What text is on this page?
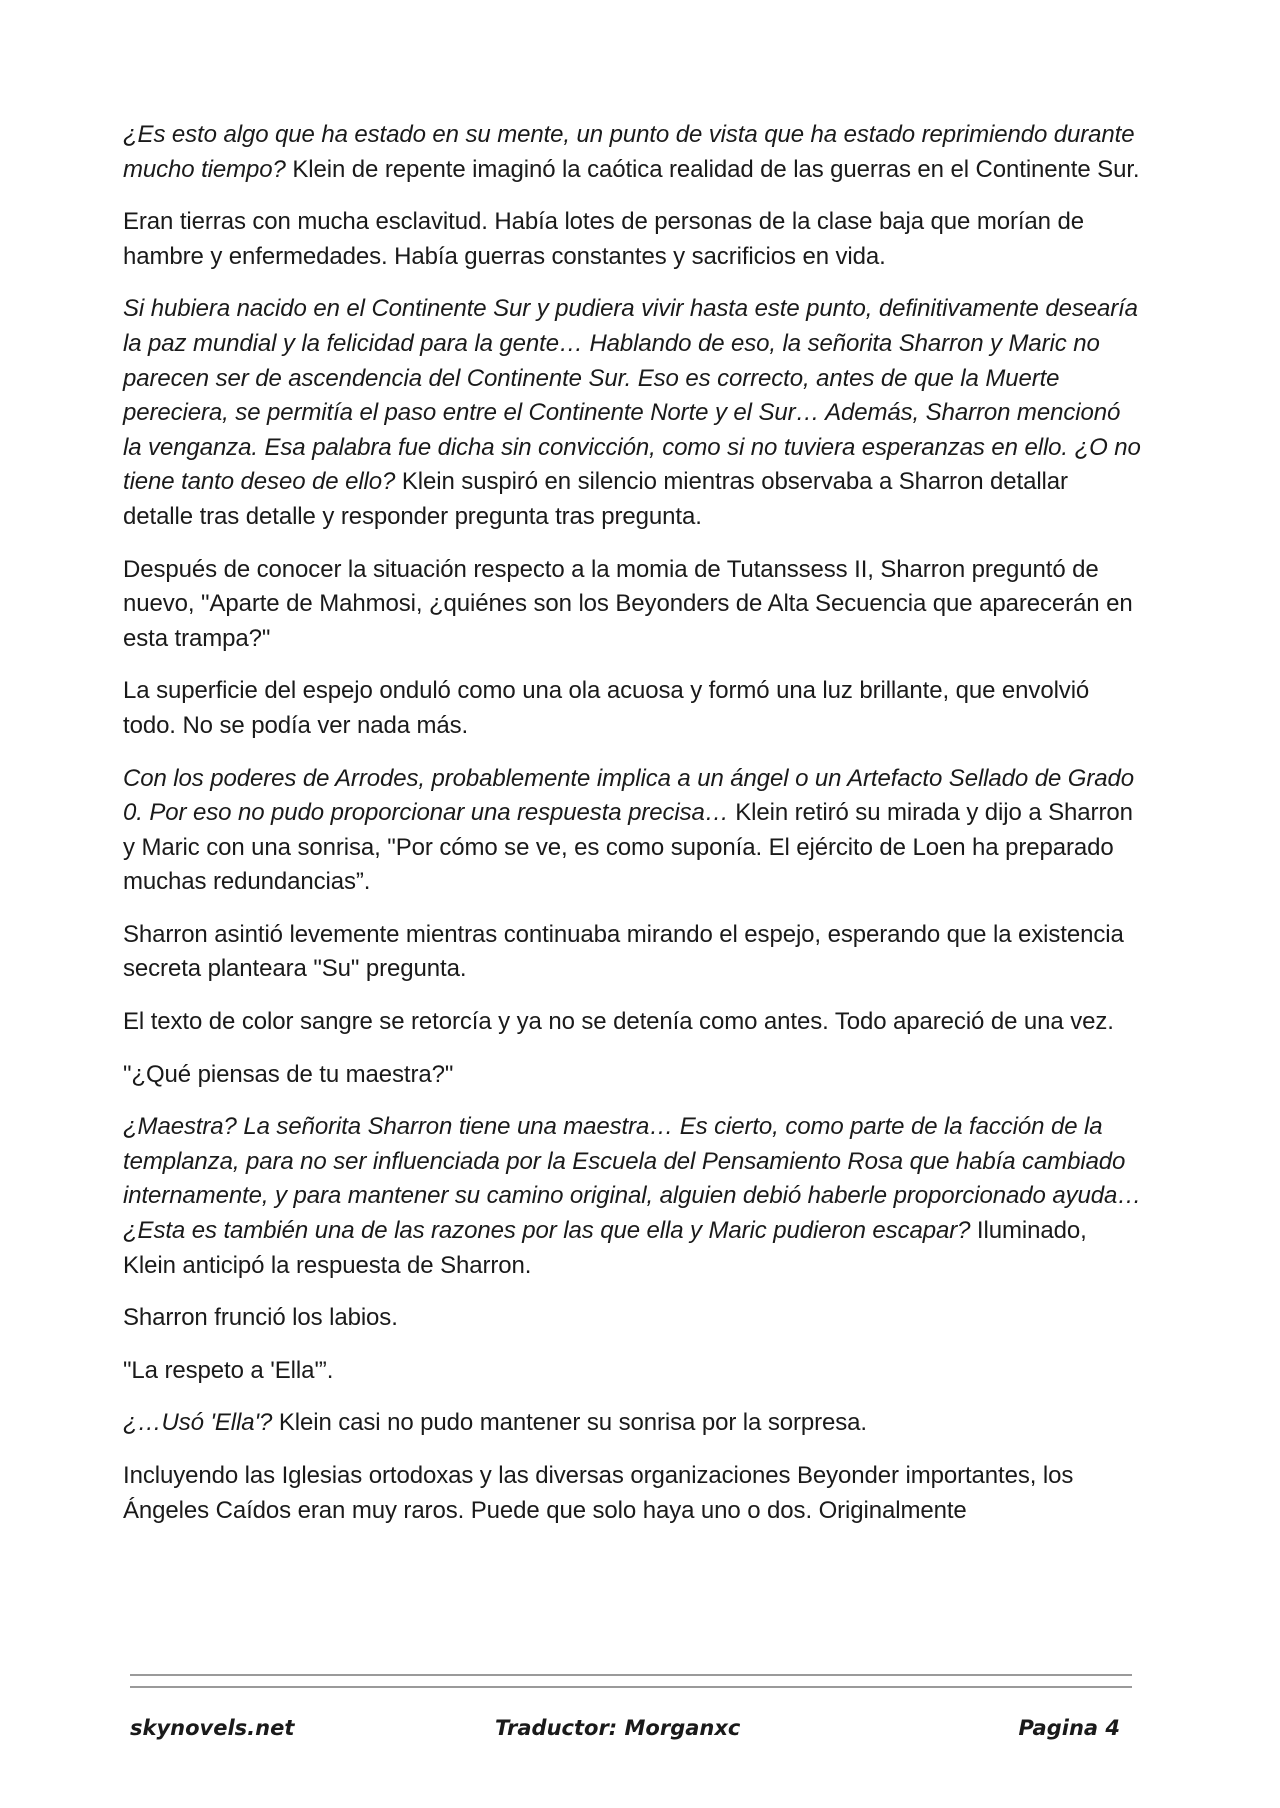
¿Es esto algo que ha estado en su mente, un punto de vista que ha estado reprimiendo durante mucho tiempo? Klein de repente imaginó la caótica realidad de las guerras en el Continente Sur.
Eran tierras con mucha esclavitud. Había lotes de personas de la clase baja que morían de hambre y enfermedades. Había guerras constantes y sacrificios en vida.
Si hubiera nacido en el Continente Sur y pudiera vivir hasta este punto, definitivamente desearía la paz mundial y la felicidad para la gente… Hablando de eso, la señorita Sharron y Maric no parecen ser de ascendencia del Continente Sur. Eso es correcto, antes de que la Muerte pereciera, se permitía el paso entre el Continente Norte y el Sur… Además, Sharron mencionó la venganza. Esa palabra fue dicha sin convicción, como si no tuviera esperanzas en ello. ¿O no tiene tanto deseo de ello? Klein suspiró en silencio mientras observaba a Sharron detallar detalle tras detalle y responder pregunta tras pregunta.
Después de conocer la situación respecto a la momia de Tutanssess II, Sharron preguntó de nuevo, "Aparte de Mahmosi, ¿quiénes son los Beyonders de Alta Secuencia que aparecerán en esta trampa?"
La superficie del espejo onduló como una ola acuosa y formó una luz brillante, que envolvió todo. No se podía ver nada más.
Con los poderes de Arrodes, probablemente implica a un ángel o un Artefacto Sellado de Grado 0. Por eso no pudo proporcionar una respuesta precisa… Klein retiró su mirada y dijo a Sharron y Maric con una sonrisa, "Por cómo se ve, es como suponía. El ejército de Loen ha preparado muchas redundancias”.
Sharron asintió levemente mientras continuaba mirando el espejo, esperando que la existencia secreta planteara "Su" pregunta.
El texto de color sangre se retorcía y ya no se detenía como antes. Todo apareció de una vez.
"¿Qué piensas de tu maestra?"
¿Maestra? La señorita Sharron tiene una maestra… Es cierto, como parte de la facción de la templanza, para no ser influenciada por la Escuela del Pensamiento Rosa que había cambiado internamente, y para mantener su camino original, alguien debió haberle proporcionado ayuda… ¿Esta es también una de las razones por las que ella y Maric pudieron escapar? Iluminado, Klein anticipó la respuesta de Sharron.
Sharron frunció los labios.
"La respeto a 'Ella'”.
¿…Usó 'Ella'? Klein casi no pudo mantener su sonrisa por la sorpresa.
Incluyendo las Iglesias ortodoxas y las diversas organizaciones Beyonder importantes, los Ángeles Caídos eran muy raros. Puede que solo haya uno o dos. Originalmente
skynovels.net	Traductor: Morganxc	Pagina 4
